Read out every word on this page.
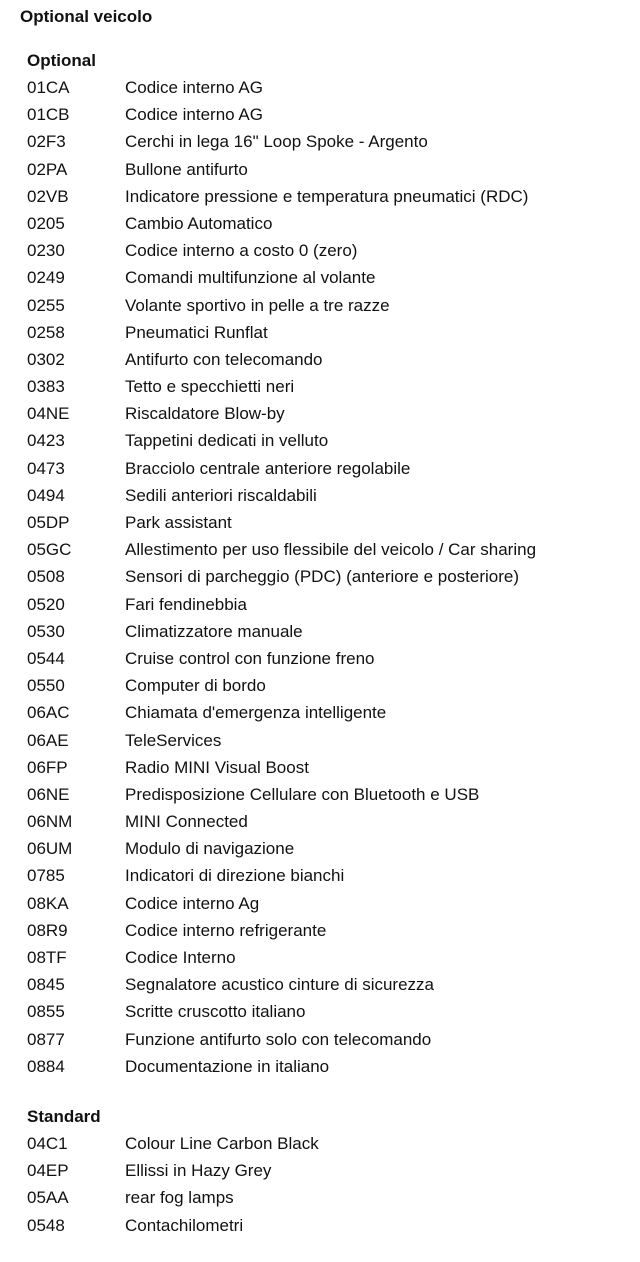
Optional veicolo
Optional
01CA	Codice interno AG
01CB	Codice interno AG
02F3	Cerchi in lega 16" Loop Spoke - Argento
02PA	Bullone antifurto
02VB	Indicatore pressione e temperatura pneumatici (RDC)
0205	Cambio Automatico
0230	Codice interno a costo 0 (zero)
0249	Comandi multifunzione al volante
0255	Volante sportivo in pelle a tre razze
0258	Pneumatici Runflat
0302	Antifurto con telecomando
0383	Tetto e specchietti neri
04NE	Riscaldatore Blow-by
0423	Tappetini dedicati in velluto
0473	Bracciolo centrale anteriore regolabile
0494	Sedili anteriori riscaldabili
05DP	Park assistant
05GC	Allestimento per uso flessibile del veicolo / Car sharing
0508	Sensori di parcheggio (PDC) (anteriore e posteriore)
0520	Fari fendinebbia
0530	Climatizzatore manuale
0544	Cruise control con funzione freno
0550	Computer di bordo
06AC	Chiamata d'emergenza intelligente
06AE	TeleServices
06FP	Radio MINI Visual Boost
06NE	Predisposizione Cellulare con Bluetooth e USB
06NM	MINI Connected
06UM	Modulo di navigazione
0785	Indicatori di direzione bianchi
08KA	Codice interno Ag
08R9	Codice interno refrigerante
08TF	Codice Interno
0845	Segnalatore acustico cinture di sicurezza
0855	Scritte cruscotto italiano
0877	Funzione antifurto solo con telecomando
0884	Documentazione in italiano
Standard
04C1	Colour Line Carbon Black
04EP	Ellissi in Hazy Grey
05AA	rear fog lamps
0548	Contachilometri
